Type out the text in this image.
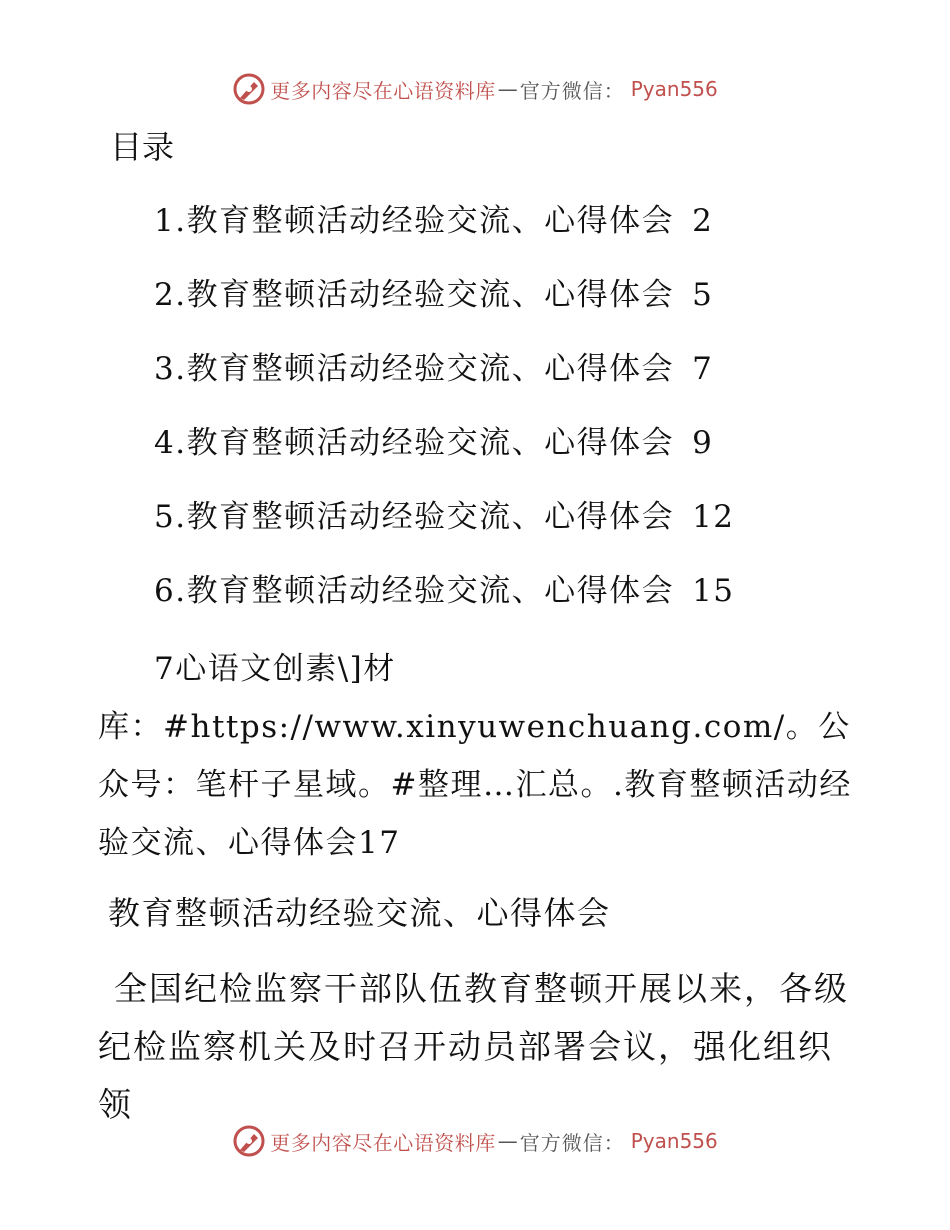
更多内容尽在心语资料库 — 官方微信： Pyan556
目录
1.教育整顿活动经验交流、心得体会 2
2.教育整顿活动经验交流、心得体会 5
3.教育整顿活动经验交流、心得体会 7
4.教育整顿活动经验交流、心得体会 9
5.教育整顿活动经验交流、心得体会 12
6.教育整顿活动经验交流、心得体会 15
7心语文创素\]材
库：#https://www.xinyuwenchuang.com/。公众号：笔杆子星域。#整理…汇总。.教育整顿活动经验交流、心得体会17
教育整顿活动经验交流、心得体会
全国纪检监察干部队伍教育整顿开展以来，各级
纪检监察机关及时召开动员部署会议，强化组织领
更多内容尽在心语资料库 — 官方微信： Pyan556
